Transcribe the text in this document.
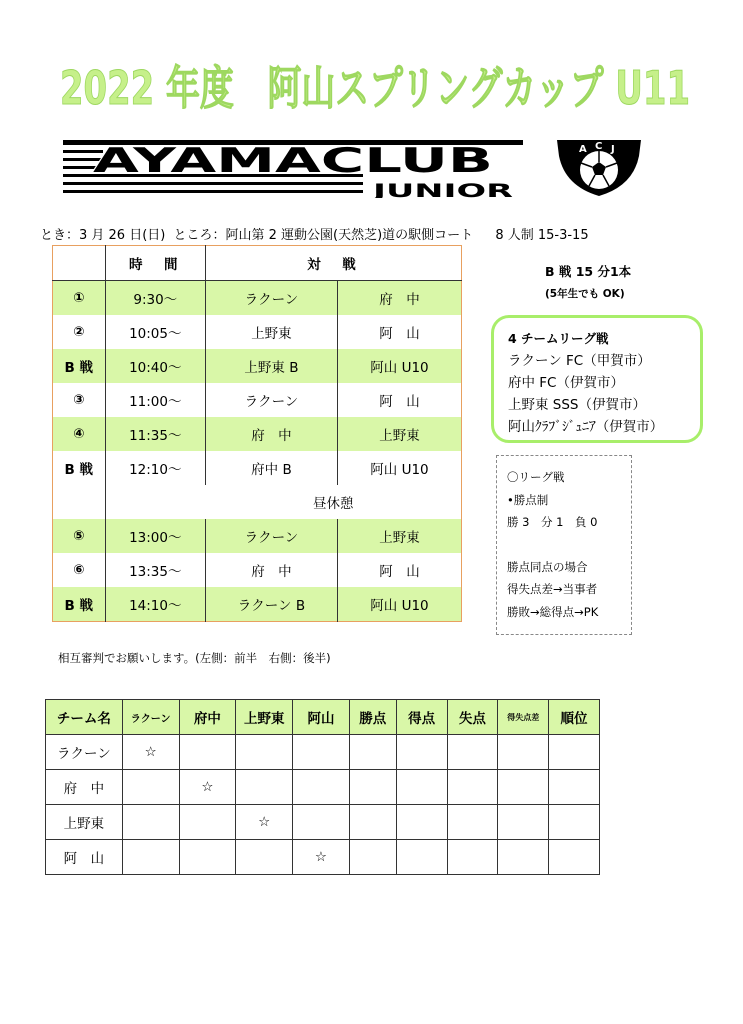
2022 年度　阿山スプリングカップ U11
AYAMACLUB
JUNIOR
A C J
とき：3 月 26 日(日) ところ：阿山第 2 運動公園(天然芝)道の駅側コート 8 人制 15-3-15
	時　間	対　戦	
①	9:30～	ラクーン	府　中
②	10:05～	上野東	阿　山
B 戦	10:40～	上野東 B	阿山 U10
③	11:00～	ラクーン	阿　山
④	11:35～	府　中	上野東
B 戦	12:10～	府中 B	阿山 U10
	昼休憩		
⑤	13:00～	ラクーン	上野東
⑥	13:35～	府　中	阿　山
B 戦	14:10～	ラクーン B	阿山 U10
B 戦 15 分1本
(5年生でも OK)
4 チームリーグ戦
ラクーン FC（甲賀市）
府中 FC（伊賀市）
上野東 SSS（伊賀市）
阿山ｸﾗﾌﾞｼﾞｭﾆｱ（伊賀市）
〇リーグ戦
•勝点制
勝 3　分 1　負 0
勝点同点の場合
得失点差→当事者
勝敗→総得点→PK
相互審判でお願いします。(左側：前半　右側：後半)
チーム名	ラクーン	府中	上野東	阿山	勝点	得点	失点	得失点差	順位
ラクーン	☆								
府　中		☆							
上野東			☆						
阿　山				☆					
